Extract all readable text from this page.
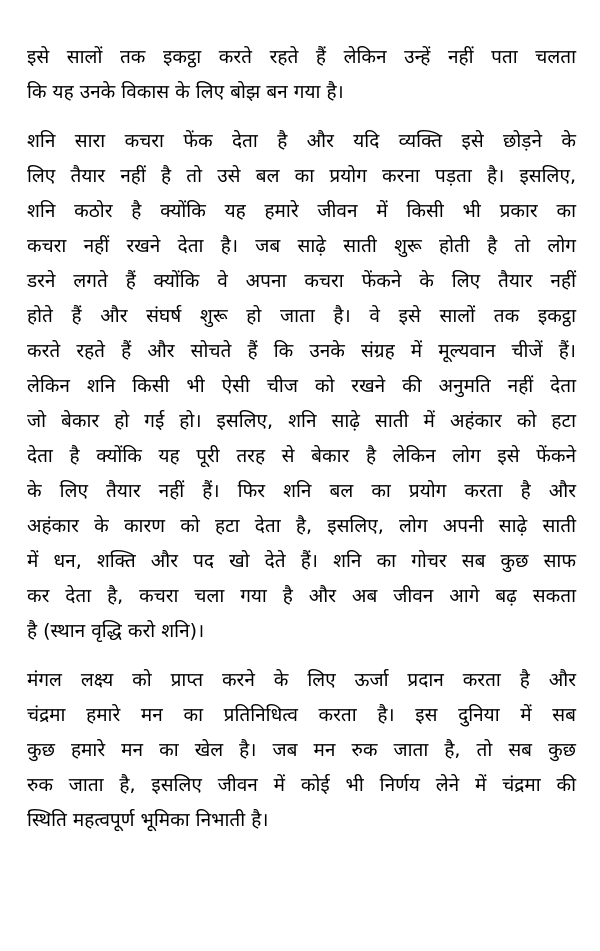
इसे सालों तक इकट्ठा करते रहते हैं लेकिन उन्हें नहीं पता चलता
कि यह उनके विकास के लिए बोझ बन गया है।
शनि सारा कचरा फेंक देता है और यदि व्यक्ति इसे छोड़ने के
लिए तैयार नहीं है तो उसे बल का प्रयोग करना पड़ता है। इसलिए,
शनि कठोर है क्योंकि यह हमारे जीवन में किसी भी प्रकार का
कचरा नहीं रखने देता है। जब साढ़े साती शुरू होती है तो लोग
डरने लगते हैं क्योंकि वे अपना कचरा फेंकने के लिए तैयार नहीं
होते हैं और संघर्ष शुरू हो जाता है। वे इसे सालों तक इकट्ठा
करते रहते हैं और सोचते हैं कि उनके संग्रह में मूल्यवान चीजें हैं।
लेकिन शनि किसी भी ऐसी चीज को रखने की अनुमति नहीं देता
जो बेकार हो गई हो। इसलिए, शनि साढ़े साती में अहंकार को हटा
देता है क्योंकि यह पूरी तरह से बेकार है लेकिन लोग इसे फेंकने
के लिए तैयार नहीं हैं। फिर शनि बल का प्रयोग करता है और
अहंकार के कारण को हटा देता है, इसलिए, लोग अपनी साढ़े साती
में धन, शक्ति और पद खो देते हैं। शनि का गोचर सब कुछ साफ
कर देता है, कचरा चला गया है और अब जीवन आगे बढ़ सकता
है (स्थान वृद्धि करो शनि)।
मंगल लक्ष्य को प्राप्त करने के लिए ऊर्जा प्रदान करता है और
चंद्रमा हमारे मन का प्रतिनिधित्व करता है। इस दुनिया में सब
कुछ हमारे मन का खेल है। जब मन रुक जाता है, तो सब कुछ
रुक जाता है, इसलिए जीवन में कोई भी निर्णय लेने में चंद्रमा की
स्थिति महत्वपूर्ण भूमिका निभाती है।
